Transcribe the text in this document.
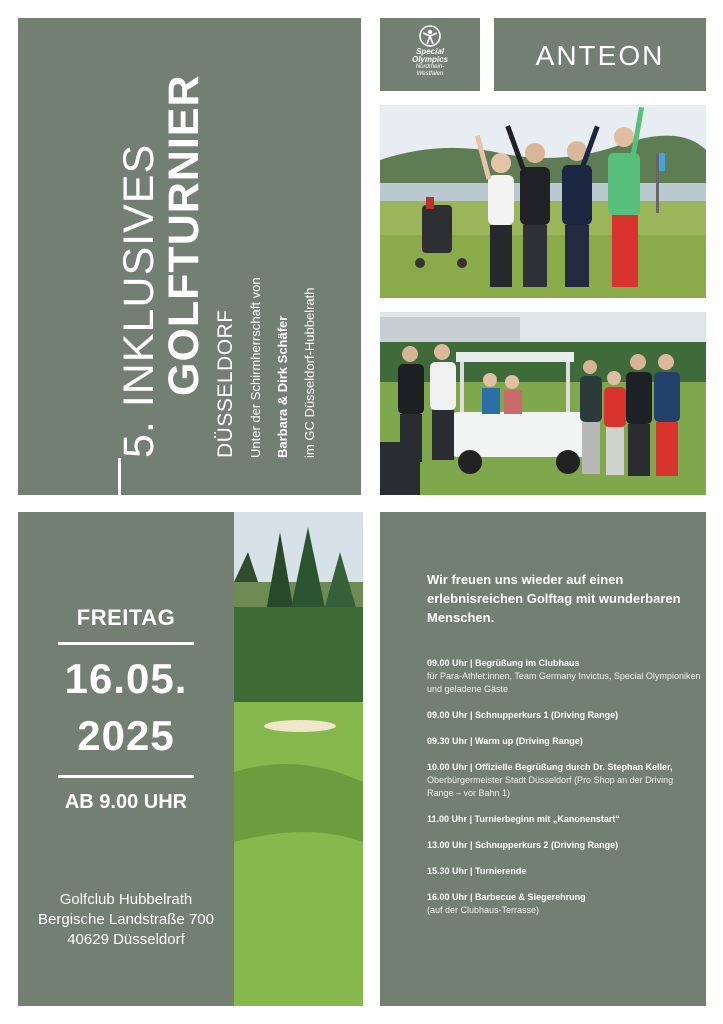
5. INKLUSIVES
GOLFTURNIER DÜSSELDORF Unter der Schirmherrschaft von Barbara & Dirk Schäfer im GC Düsseldorf-Hubbelrath
Special
Olympics
Nordrhein-
Westfalen
ANTEON
FREITAG
16.05.
2025
AB 9.00 UHR
Golfclub Hubbelrath
Bergische Landstraße 700
40629 Düsseldorf
Wir freuen uns wieder auf einen erlebnisreichen Golftag mit wunderbaren Menschen.
09.00 Uhr | Begrüßung im Clubhaus
für Para-Athlet:innen, Team Germany Invictus, Special Olympioniken und geladene Gäste
09.00 Uhr | Schnupperkurs 1 (Driving Range)
09.30 Uhr | Warm up (Driving Range)
10.00 Uhr | Offizielle Begrüßung durch Dr. Stephan Keller,
Oberbürgermeister Stadt Düsseldorf (Pro Shop an der Driving Range – vor Bahn 1)
11.00 Uhr | Turnierbeginn mit „Kanonenstart“
13.00 Uhr | Schnupperkurs 2 (Driving Range)
15.30 Uhr | Turnierende
16.00 Uhr | Barbecue & Siegerehrung
(auf der Clubhaus-Terrasse)
